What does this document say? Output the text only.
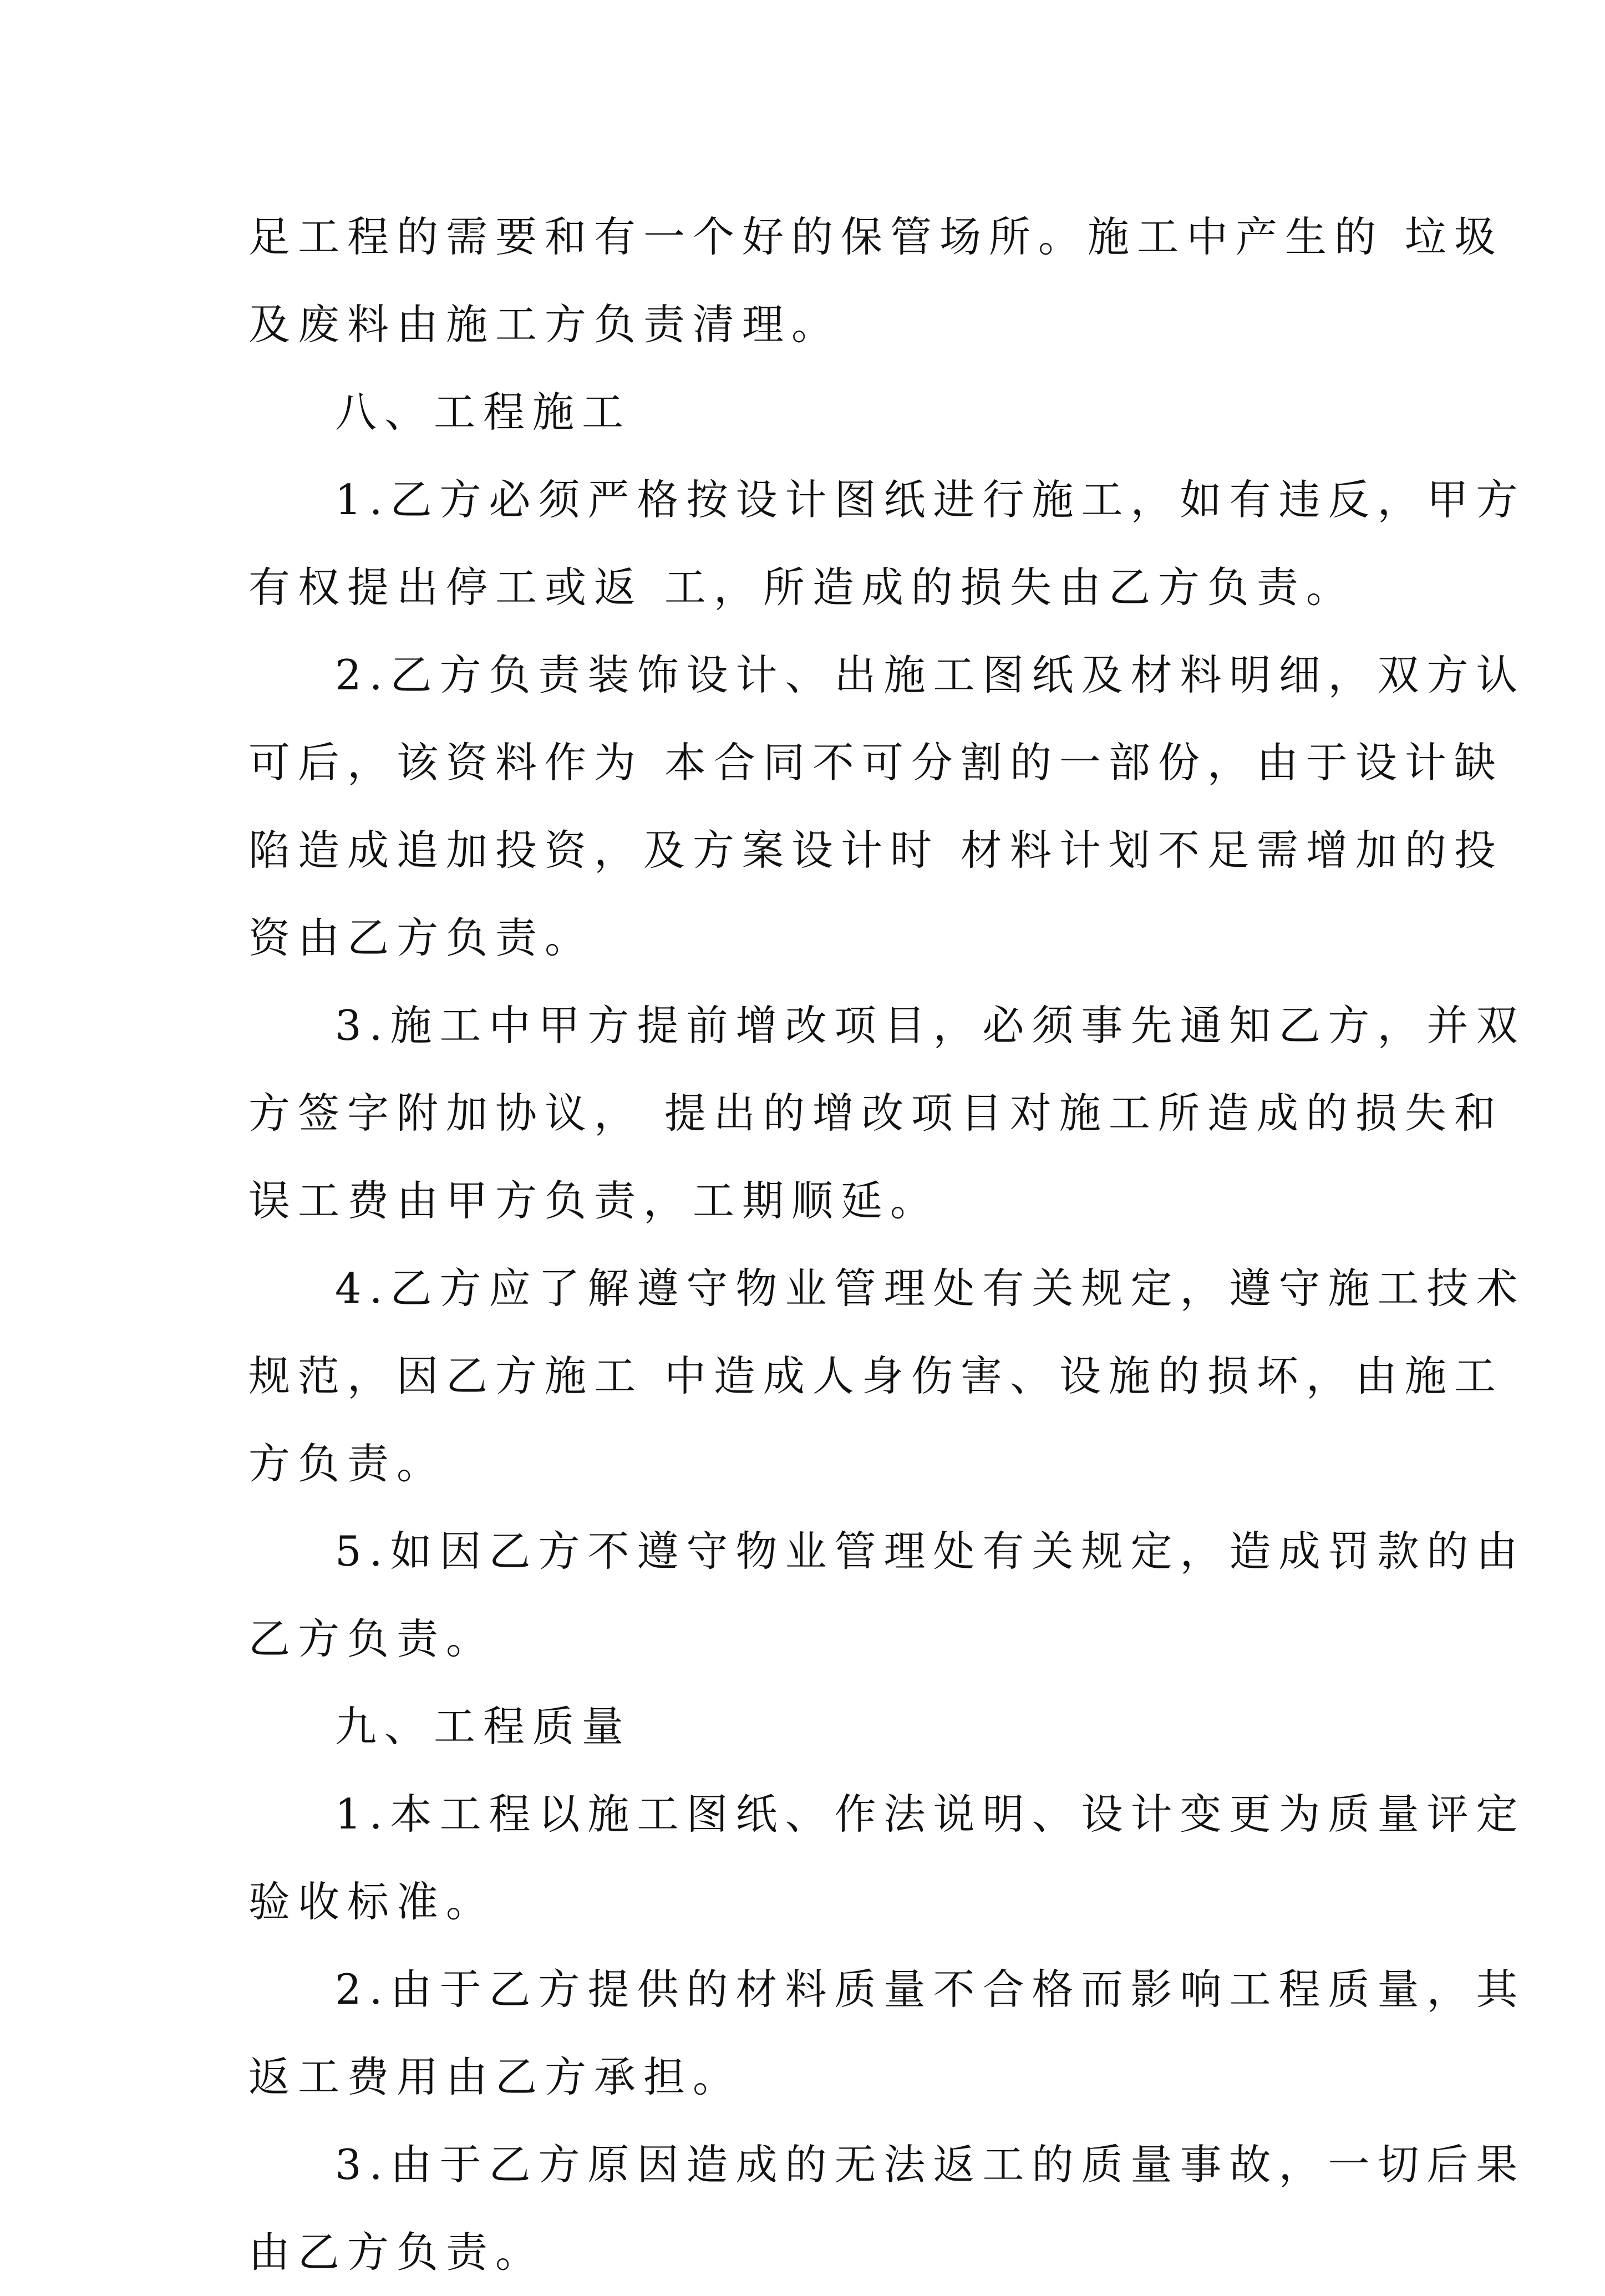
足工程的需要和有一个好的保管场所。施工中产生的 垃圾
及废料由施工方负责清理。
八、工程施工
1.乙方必须严格按设计图纸进行施工，如有违反，甲方
有权提出停工或返 工，所造成的损失由乙方负责。
2.乙方负责装饰设计、出施工图纸及材料明细，双方认
可后，该资料作为 本合同不可分割的一部份，由于设计缺
陷造成追加投资，及方案设计时 材料计划不足需增加的投
资由乙方负责。
3.施工中甲方提前增改项目，必须事先通知乙方，并双
方签字附加协议， 提出的增改项目对施工所造成的损失和
误工费由甲方负责，工期顺延。
4.乙方应了解遵守物业管理处有关规定，遵守施工技术
规范，因乙方施工 中造成人身伤害、设施的损坏，由施工
方负责。
5.如因乙方不遵守物业管理处有关规定，造成罚款的由
乙方负责。
九、工程质量
1.本工程以施工图纸、作法说明、设计变更为质量评定
验收标准。
2.由于乙方提供的材料质量不合格而影响工程质量，其
返工费用由乙方承担。
3.由于乙方原因造成的无法返工的质量事故，一切后果
由乙方负责。
